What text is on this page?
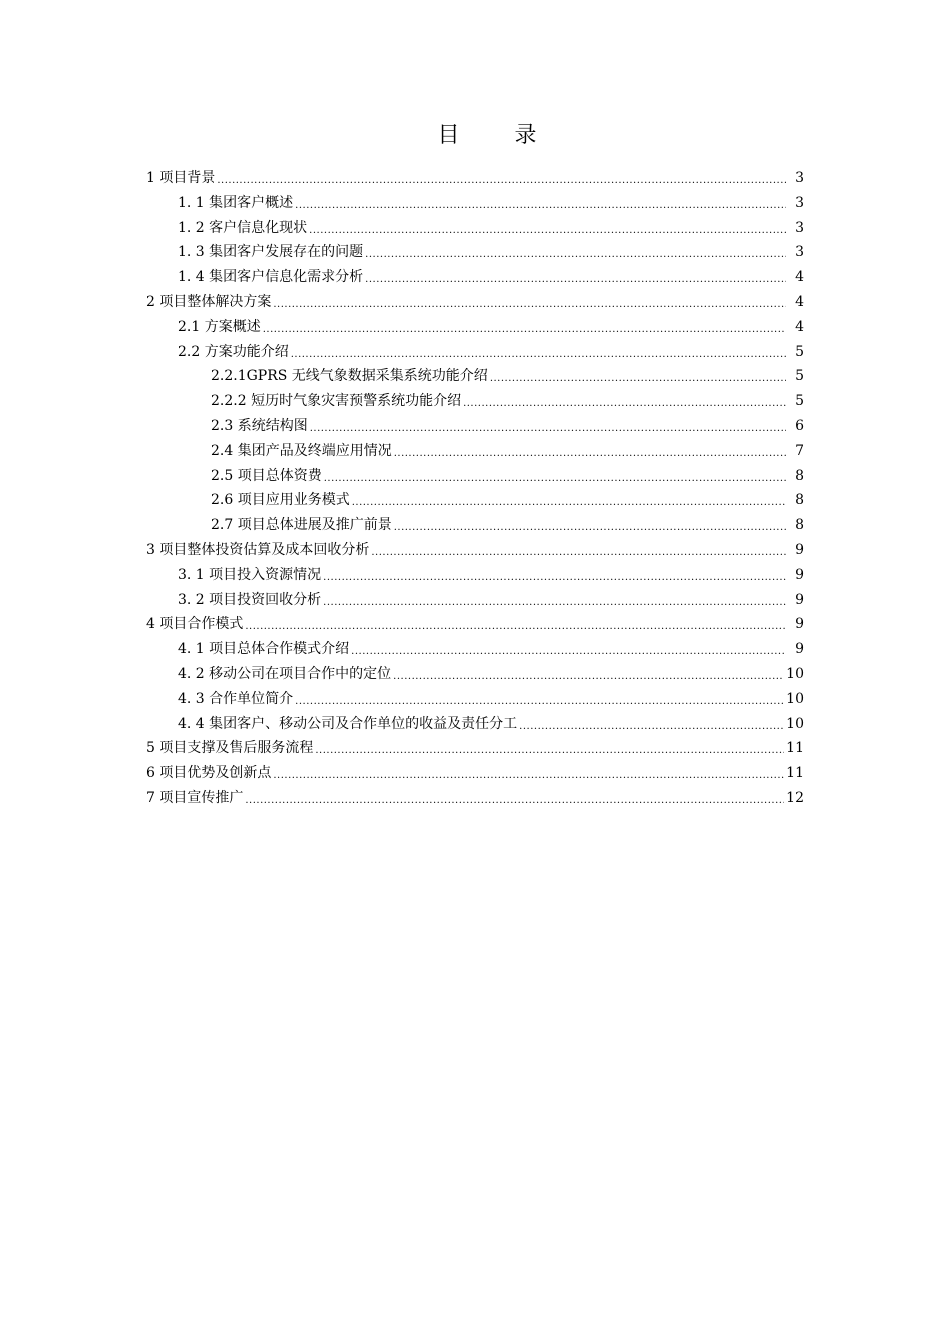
目 录
1 项目背景 .....	3
1. 1 集团客户概述 .....	3
1. 2 客户信息化现状 .....	3
1. 3 集团客户发展存在的问题 .....	3
1. 4 集团客户信息化需求分析 .....	4
2 项目整体解决方案 .....	4
2.1 方案概述 .....	4
2.2 方案功能介绍 .....	5
2.2.1GPRS 无线气象数据采集系统功能介绍 .....	5
2.2.2 短历时气象灾害预警系统功能介绍 .....	5
2.3 系统结构图 .....	6
2.4 集团产品及终端应用情况 .....	7
2.5 项目总体资费 .....	8
2.6 项目应用业务模式 .....	8
2.7 项目总体进展及推广前景 .....	8
3 项目整体投资估算及成本回收分析 .....	9
3. 1 项目投入资源情况 .....	9
3. 2 项目投资回收分析 .....	9
4 项目合作模式 .....	9
4. 1 项目总体合作模式介绍 .....	9
4. 2 移动公司在项目合作中的定位 .....	10
4. 3 合作单位简介 .....	10
4. 4 集团客户、移动公司及合作单位的收益及责任分工 .....	10
5 项目支撑及售后服务流程 .....	11
6 项目优势及创新点 .....	11
7 项目宣传推广 .....	12
